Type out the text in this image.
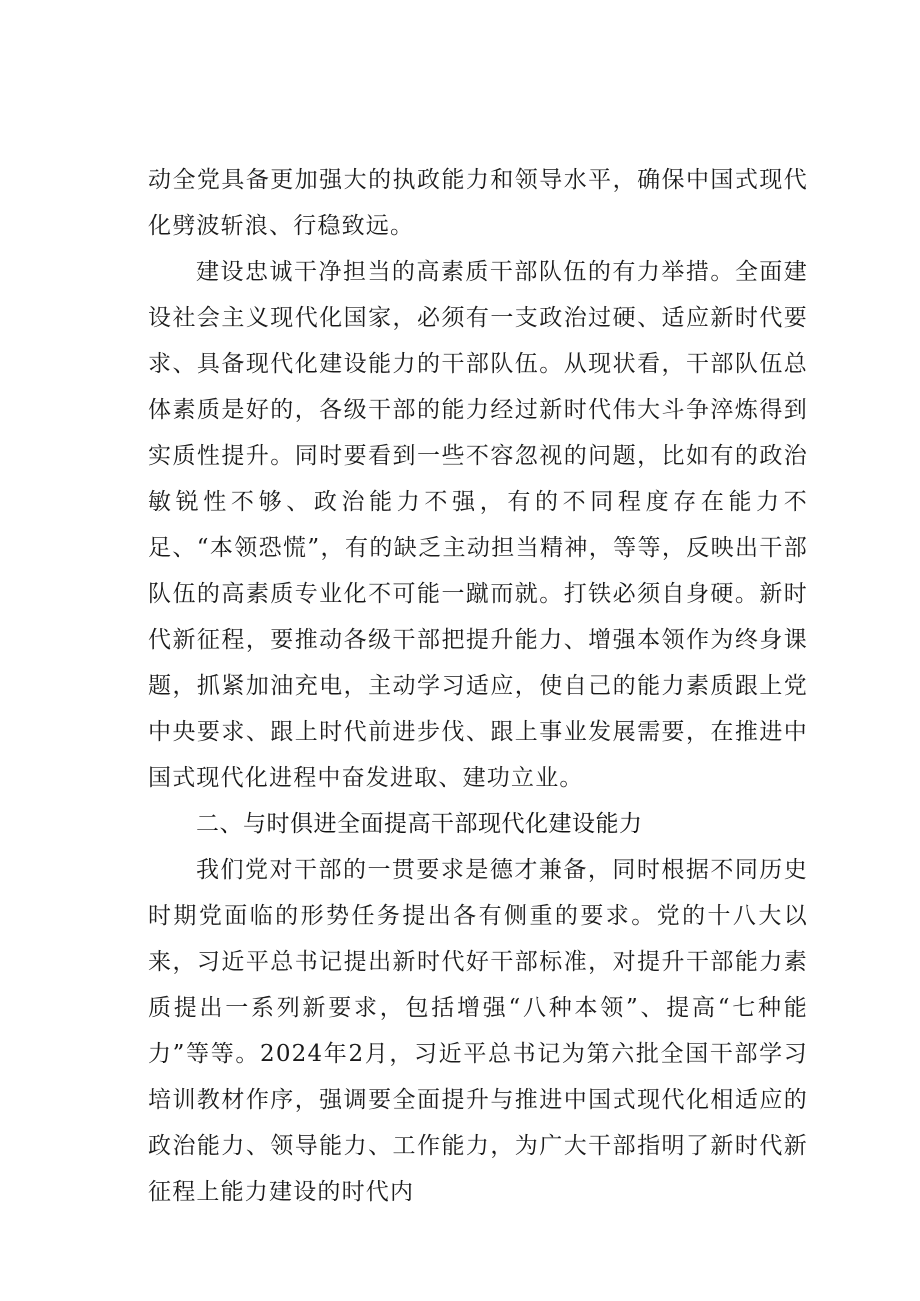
动全党具备更加强大的执政能力和领导水平，确保中国式现代化劈波斩浪、行稳致远。

建设忠诚干净担当的高素质干部队伍的有力举措。全面建设社会主义现代化国家，必须有一支政治过硬、适应新时代要求、具备现代化建设能力的干部队伍。从现状看，干部队伍总体素质是好的，各级干部的能力经过新时代伟大斗争淬炼得到实质性提升。同时要看到一些不容忽视的问题，比如有的政治敏锐性不够、政治能力不强，有的不同程度存在能力不足、“本领恐慌”，有的缺乏主动担当精神，等等，反映出干部队伍的高素质专业化不可能一蹴而就。打铁必须自身硬。新时代新征程，要推动各级干部把提升能力、增强本领作为终身课题，抓紧加油充电，主动学习适应，使自己的能力素质跟上党中央要求、跟上时代前进步伐、跟上事业发展需要，在推进中国式现代化进程中奋发进取、建功立业。

二、与时俱进全面提高干部现代化建设能力

我们党对干部的一贯要求是德才兼备，同时根据不同历史时期党面临的形势任务提出各有侧重的要求。党的十八大以来，习近平总书记提出新时代好干部标准，对提升干部能力素质提出一系列新要求，包括增强“八种本领”、提高“七种能力”等等。2024年2月，习近平总书记为第六批全国干部学习培训教材作序，强调要全面提升与推进中国式现代化相适应的政治能力、领导能力、工作能力，为广大干部指明了新时代新征程上能力建设的时代内
